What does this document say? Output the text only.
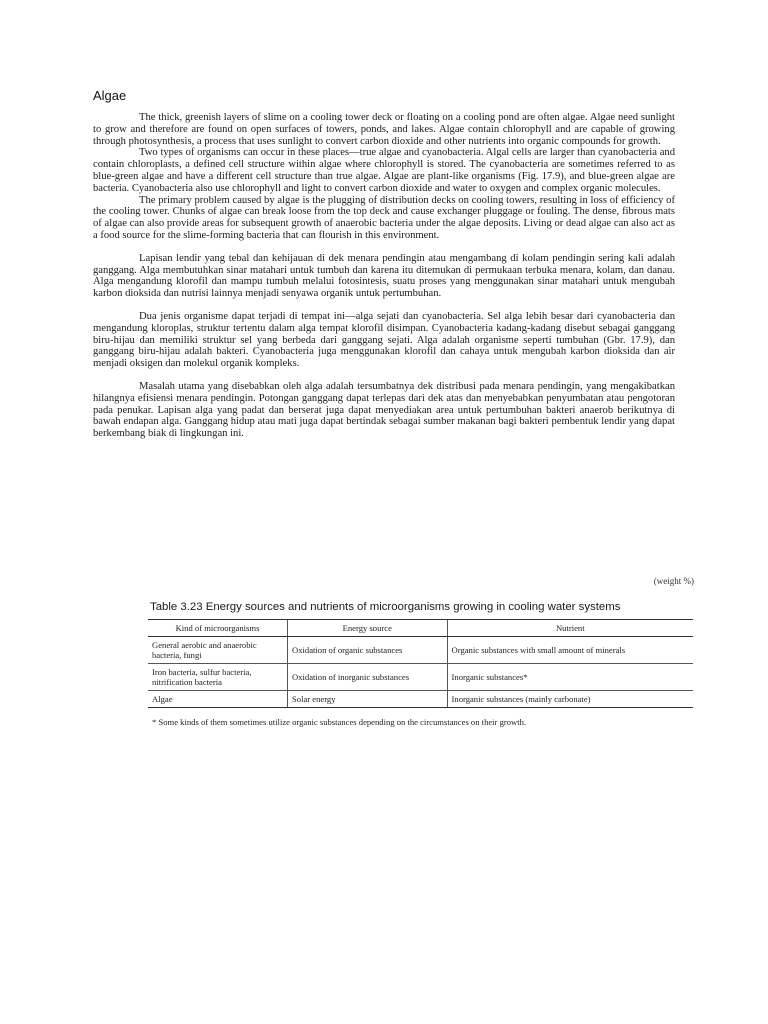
Algae

The thick, greenish layers of slime on a cooling tower deck or floating on a cooling pond are often algae. Algae need sunlight to grow and therefore are found on open surfaces of towers, ponds, and lakes. Algae contain chlorophyll and are capable of growing through photosynthesis, a process that uses sunlight to convert carbon dioxide and other nutrients into organic compounds for growth.

Two types of organisms can occur in these places—true algae and cyanobacteria. Algal cells are larger than cyanobacteria and contain chloroplasts, a defined cell structure within algae where chlorophyll is stored. The cyanobacteria are sometimes referred to as blue-green algae and have a different cell structure than true algae. Algae are plant-like organisms (Fig. 17.9), and blue-green algae are bacteria. Cyanobacteria also use chlorophyll and light to convert carbon dioxide and water to oxygen and complex organic molecules.

The primary problem caused by algae is the plugging of distribution decks on cooling towers, resulting in loss of efficiency of the cooling tower. Chunks of algae can break loose from the top deck and cause exchanger pluggage or fouling. The dense, fibrous mats of algae can also provide areas for subsequent growth of anaerobic bacteria under the algae deposits. Living or dead algae can also act as a food source for the slime-forming bacteria that can flourish in this environment.

Lapisan lendir yang tebal dan kehijauan di dek menara pendingin atau mengambang di kolam pendingin sering kali adalah ganggang. Alga membutuhkan sinar matahari untuk tumbuh dan karena itu ditemukan di permukaan terbuka menara, kolam, dan danau. Alga mengandung klorofil dan mampu tumbuh melalui fotosintesis, suatu proses yang menggunakan sinar matahari untuk mengubah karbon dioksida dan nutrisi lainnya menjadi senyawa organik untuk pertumbuhan.

Dua jenis organisme dapat terjadi di tempat ini—alga sejati dan cyanobacteria. Sel alga lebih besar dari cyanobacteria dan mengandung kloroplas, struktur tertentu dalam alga tempat klorofil disimpan. Cyanobacteria kadang-kadang disebut sebagai ganggang biru-hijau dan memiliki struktur sel yang berbeda dari ganggang sejati. Alga adalah organisme seperti tumbuhan (Gbr. 17.9), dan ganggang biru-hijau adalah bakteri. Cyanobacteria juga menggunakan klorofil dan cahaya untuk mengubah karbon dioksida dan air menjadi oksigen dan molekul organik kompleks.

Masalah utama yang disebabkan oleh alga adalah tersumbatnya dek distribusi pada menara pendingin, yang mengakibatkan hilangnya efisiensi menara pendingin. Potongan ganggang dapat terlepas dari dek atas dan menyebabkan penyumbatan atau pengotoran pada penukar. Lapisan alga yang padat dan berserat juga dapat menyediakan area untuk pertumbuhan bakteri anaerob berikutnya di bawah endapan alga. Ganggang hidup atau mati juga dapat bertindak sebagai sumber makanan bagi bakteri pembentuk lendir yang dapat berkembang biak di lingkungan ini.

(weight %)
Table 3.23 Energy sources and nutrients of microorganisms growing in cooling water systems
Kind of microorganisms	Energy source	Nutrient
General aerobic and anaerobic bacteria, fungi	Oxidation of organic substances	Organic substances with small amount of minerals
Iron bacteria, sulfur bacteria, nitrification bacteria	Oxidation of inorganic substances	Inorganic substances*
Algae	Solar energy	Inorganic substances (mainly carbonate)
* Some kinds of them sometimes utilize organic substances depending on the circumstances on their growth.
